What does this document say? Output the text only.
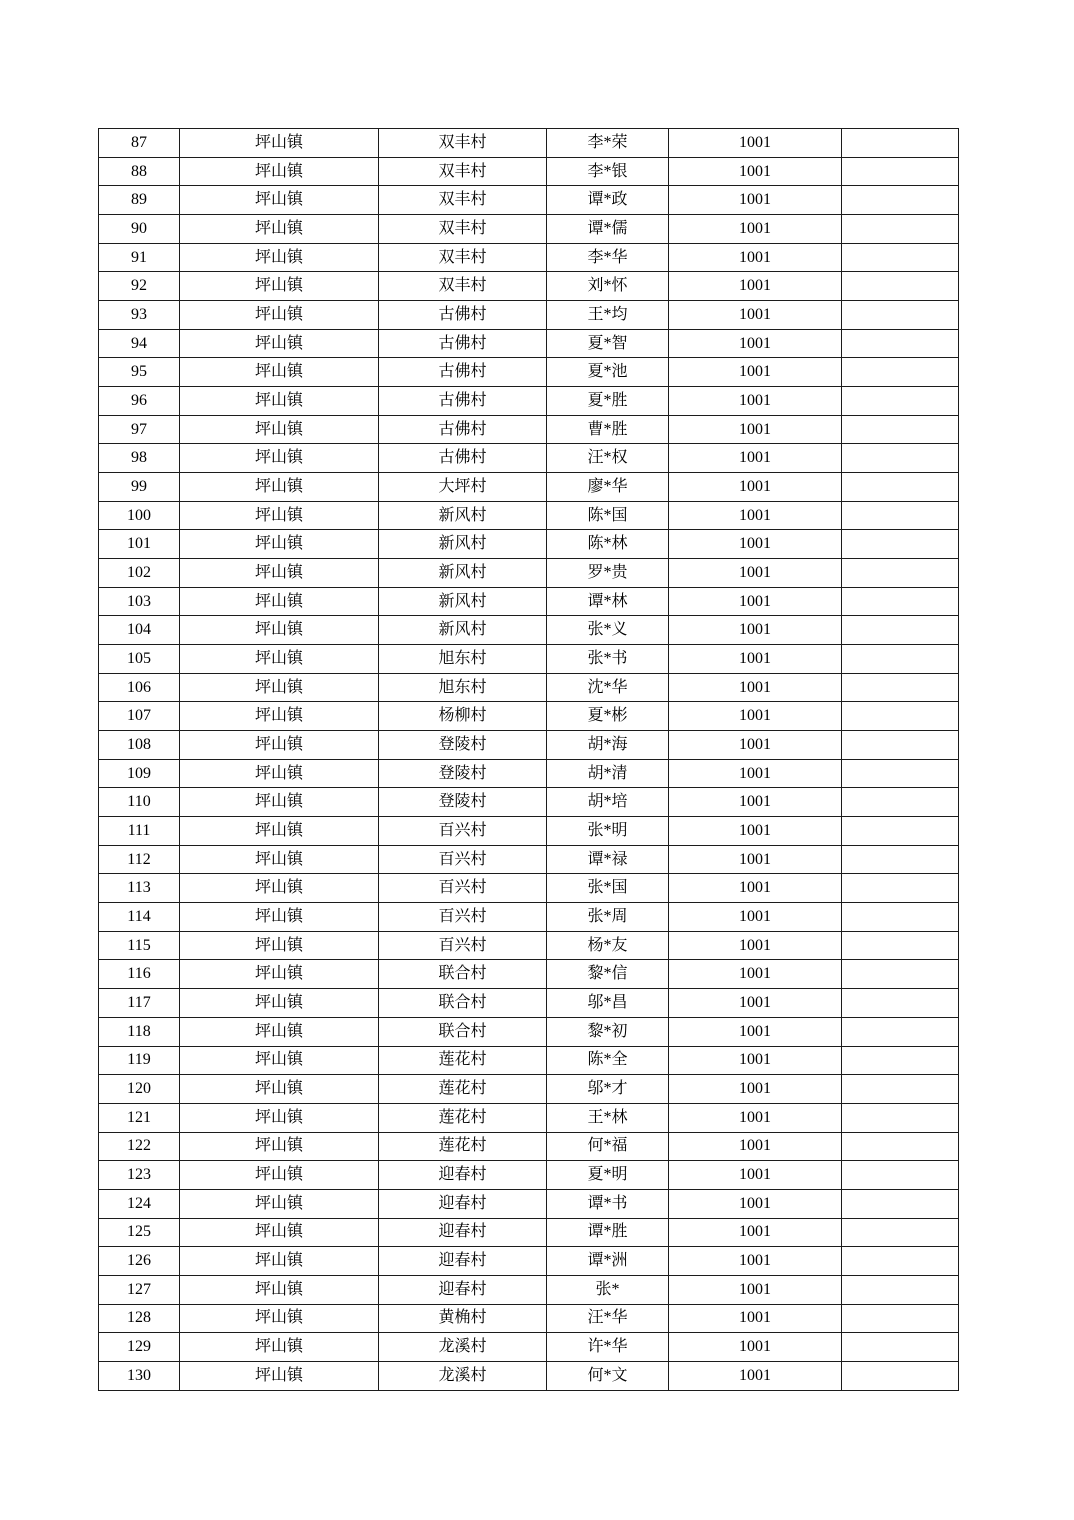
87	坪山镇	双丰村	李*荣	1001	
88	坪山镇	双丰村	李*银	1001	
89	坪山镇	双丰村	谭*政	1001	
90	坪山镇	双丰村	谭*儒	1001	
91	坪山镇	双丰村	李*华	1001	
92	坪山镇	双丰村	刘*怀	1001	
93	坪山镇	古佛村	王*均	1001	
94	坪山镇	古佛村	夏*智	1001	
95	坪山镇	古佛村	夏*池	1001	
96	坪山镇	古佛村	夏*胜	1001	
97	坪山镇	古佛村	曹*胜	1001	
98	坪山镇	古佛村	汪*权	1001	
99	坪山镇	大坪村	廖*华	1001	
100	坪山镇	新风村	陈*国	1001	
101	坪山镇	新风村	陈*林	1001	
102	坪山镇	新风村	罗*贵	1001	
103	坪山镇	新风村	谭*林	1001	
104	坪山镇	新风村	张*义	1001	
105	坪山镇	旭东村	张*书	1001	
106	坪山镇	旭东村	沈*华	1001	
107	坪山镇	杨柳村	夏*彬	1001	
108	坪山镇	登陵村	胡*海	1001	
109	坪山镇	登陵村	胡*清	1001	
110	坪山镇	登陵村	胡*培	1001	
111	坪山镇	百兴村	张*明	1001	
112	坪山镇	百兴村	谭*禄	1001	
113	坪山镇	百兴村	张*国	1001	
114	坪山镇	百兴村	张*周	1001	
115	坪山镇	百兴村	杨*友	1001	
116	坪山镇	联合村	黎*信	1001	
117	坪山镇	联合村	邬*昌	1001	
118	坪山镇	联合村	黎*初	1001	
119	坪山镇	莲花村	陈*全	1001	
120	坪山镇	莲花村	邬*才	1001	
121	坪山镇	莲花村	王*林	1001	
122	坪山镇	莲花村	何*福	1001	
123	坪山镇	迎春村	夏*明	1001	
124	坪山镇	迎春村	谭*书	1001	
125	坪山镇	迎春村	谭*胜	1001	
126	坪山镇	迎春村	谭*洲	1001	
127	坪山镇	迎春村	张*	1001	
128	坪山镇	黄桷村	汪*华	1001	
129	坪山镇	龙溪村	许*华	1001	
130	坪山镇	龙溪村	何*文	1001	
